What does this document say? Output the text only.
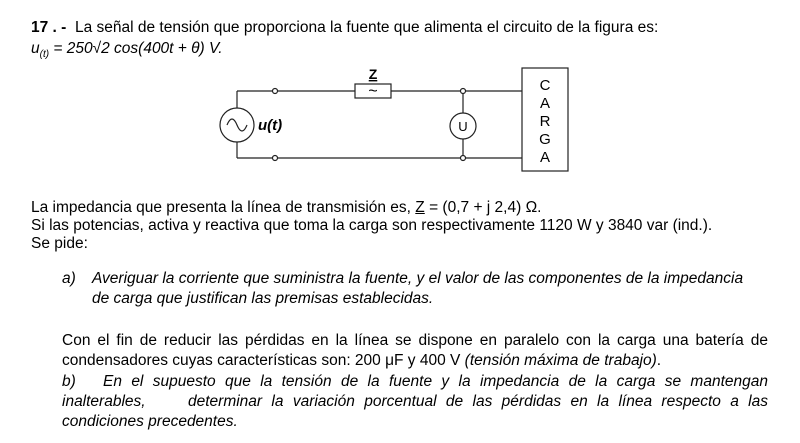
17 . - La señal de tensión que proporciona la fuente que alimenta el circuito de la figura es:
$u_{(t)} = 250√2$ cos(400t + θ) V.
Z
~
u(t)	U
C
A
R
G
A
La impedancia que presenta la línea de transmisión es, Z = (0,7 + j 2,4) Ω.
Si las potencias, activa y reactiva que toma la carga son respectivamente 1120 W y 3840 var (ind.).
Se pide:
a) Averiguar la corriente que suministra la fuente, y el valor de las componentes de la impedancia
de carga que justifican las premisas establecidas.
Con el fin de reducir las pérdidas en la línea se dispone en paralelo con la carga una batería de
condensadores cuyas características son: 200 μF y 400 V (tensión máxima de trabajo).
b) En el supuesto que la tensión de la fuente y la impedancia de la carga se mantengan
inalterables,	determinar la variación porcentual de las pérdidas en la línea respecto a las
condiciones precedentes.
